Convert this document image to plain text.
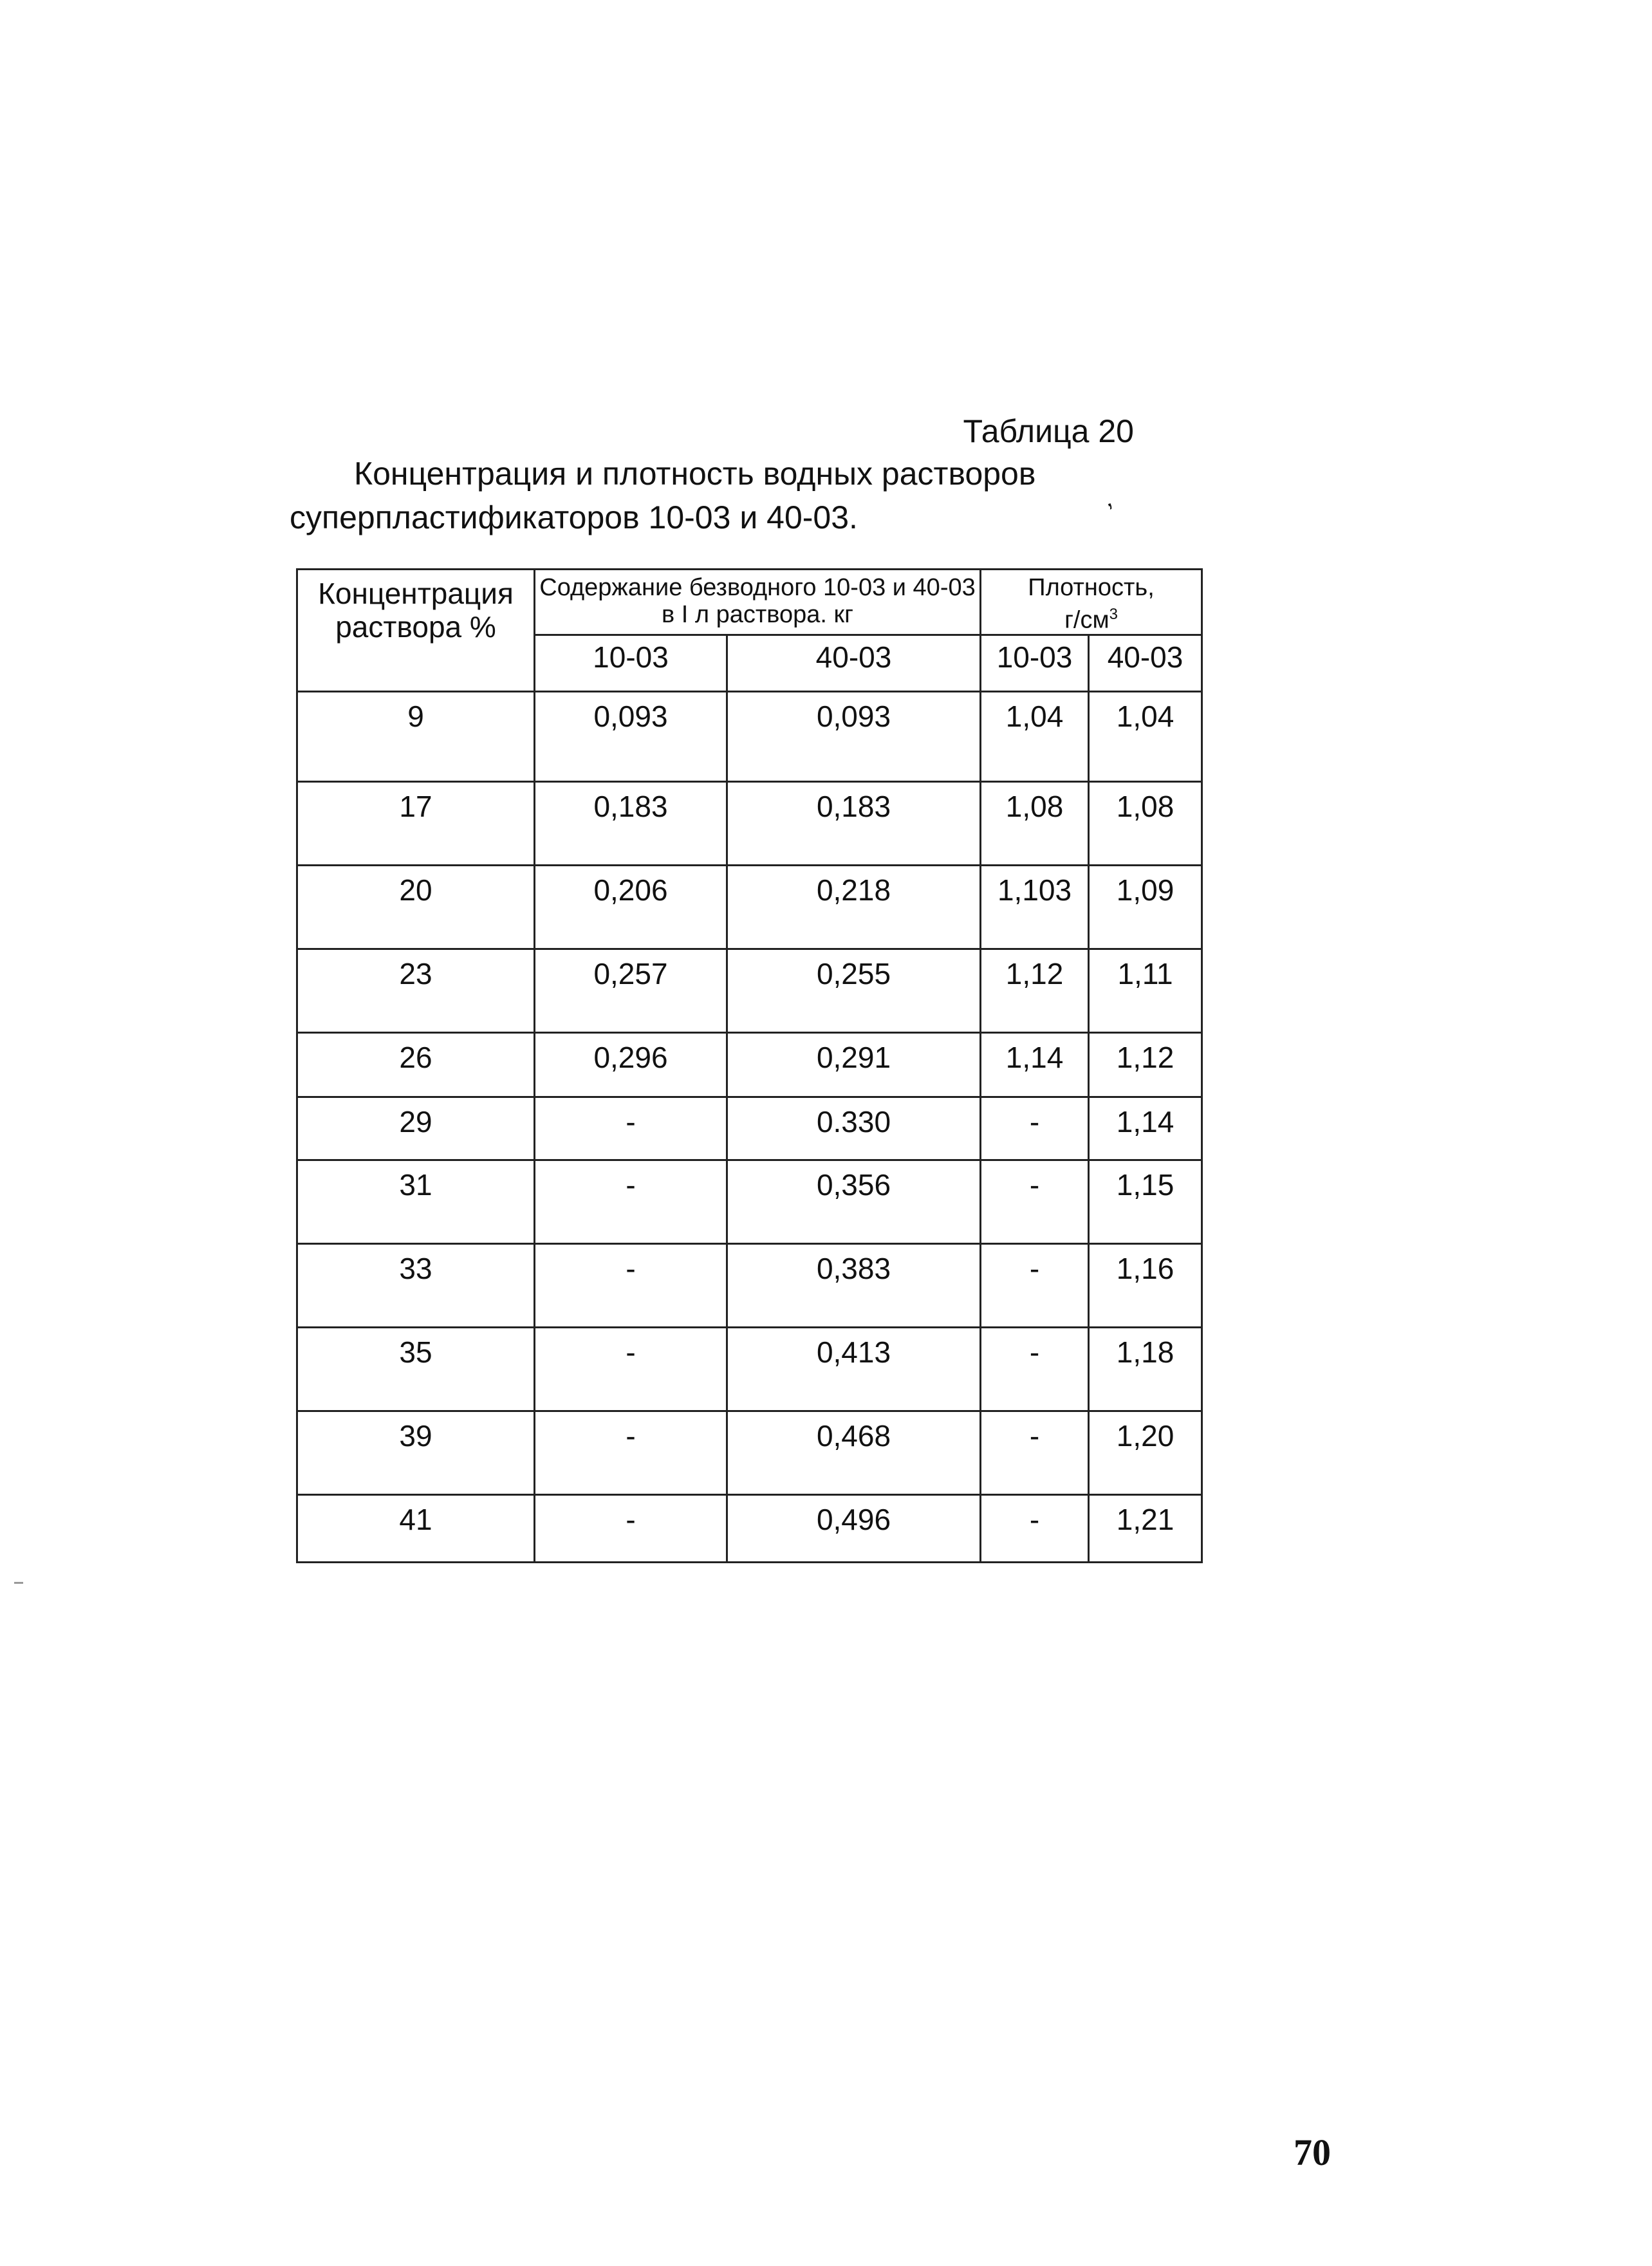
Таблица 20
Концентрация и плотность водных растворов
суперпластификаторов 10-03 и 40-03.
‚
Концентрация раствора %	Содержание безводного 10-03 и 40-03 в I л раствора. кг		Плотность,
$г/см^3$
	10-03	40-03	10-03	40-03
9	0,093	0,093	1,04	1,04
17	0,183	0,183	1,08	1,08
20	0,206	0,218	1,103	1,09
23	0,257	0,255	1,12	1,11
26	0,296	0,291	1,14	1,12
29	-	0.330	-	1,14
31	-	0,356	-	1,15
33	-	0,383	-	1,16
35	-	0,413	-	1,18
39	-	0,468	-	1,20
41	-	0,496	-	1,21
70
